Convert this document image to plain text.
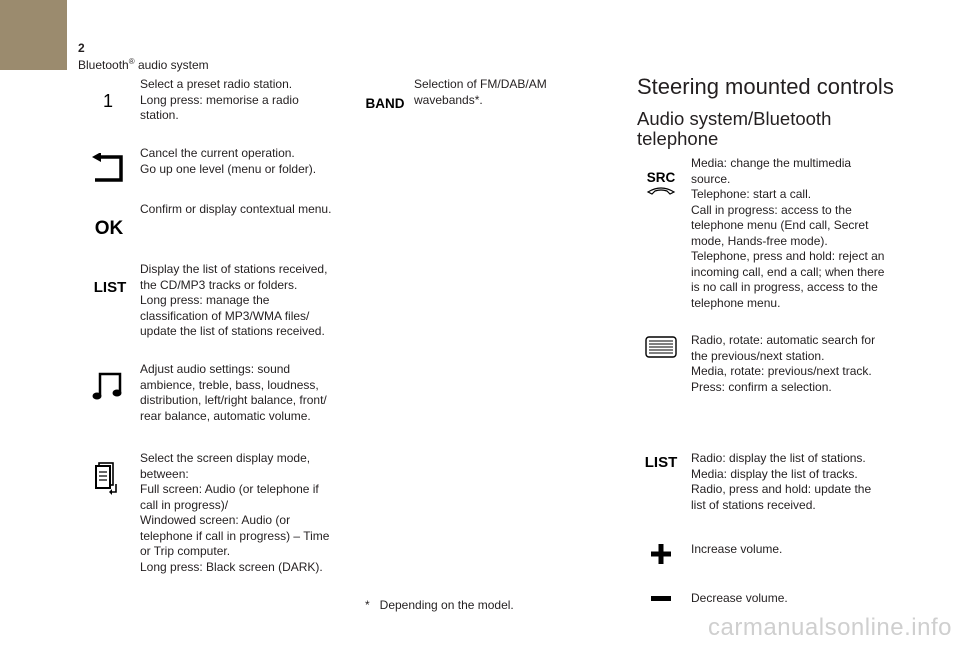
2
Bluetooth® audio system
1
Select a preset radio station.
Long press: memorise a radio
station.
Cancel the current operation.
Go up one level (menu or folder).
OK
Confirm or display contextual menu.
LIST
Display the list of stations received,
the CD/MP3 tracks or folders.
Long press: manage the
classification of MP3/WMA files/
update the list of stations received.
Adjust audio settings: sound
ambience, treble, bass, loudness,
distribution, left/right balance, front/
rear balance, automatic volume.
Select the screen display mode,
between:
Full screen: Audio (or telephone if
call in progress)/
Windowed screen: Audio (or
telephone if call in progress) – Time
or Trip computer.
Long press: Black screen (DARK).
BAND
Selection of FM/DAB/AM
wavebands*.
* Depending on the model.
Steering mounted controls
Audio system/Bluetooth
telephone
SRC
Media: change the multimedia
source.
Telephone: start a call.
Call in progress: access to the
telephone menu (End call, Secret
mode, Hands-free mode).
Telephone, press and hold: reject an
incoming call, end a call; when there
is no call in progress, access to the
telephone menu.
Radio, rotate: automatic search for
the previous/next station.
Media, rotate: previous/next track.
Press: confirm a selection.
LIST	Radio: display the list of stations.
Media: display the list of tracks.
Radio, press and hold: update the
list of stations received.
Increase volume.
Decrease volume.
carmanualsonline.info
